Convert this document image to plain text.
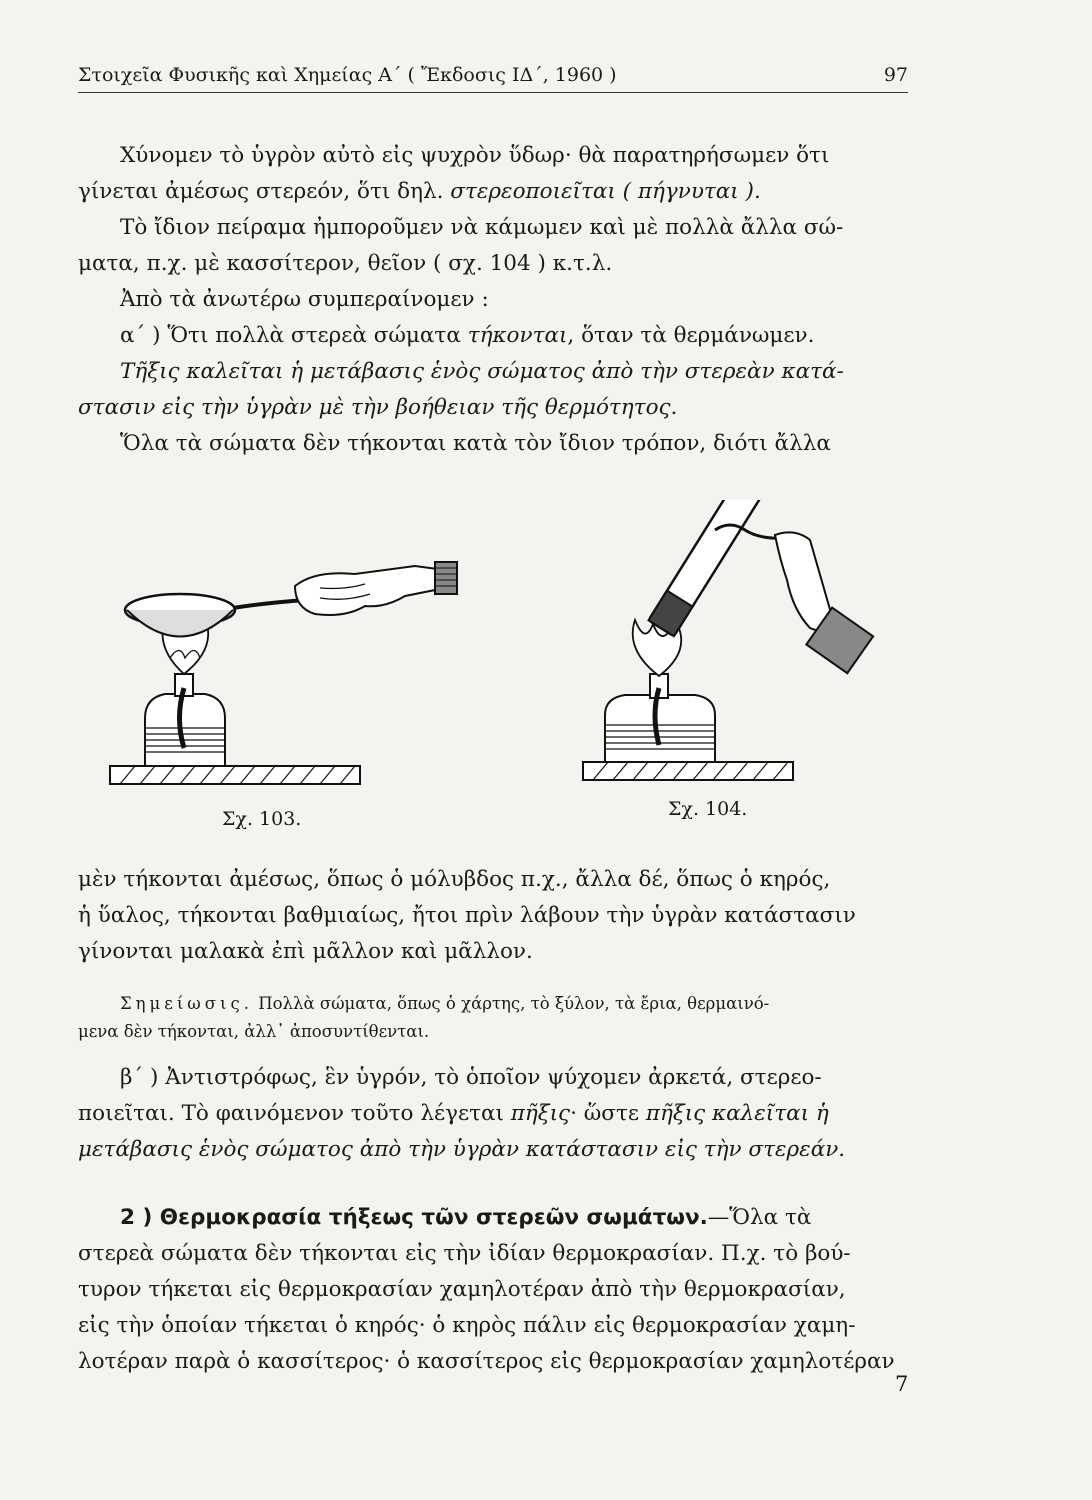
Στοιχεῖα Φυσικῆς καὶ Χημείας Α΄ ( Ἔκδοσις ΙΔ΄, 1960 )	97
Χύνομεν τὸ ὑγρὸν αὐτὸ εἰς ψυχρὸν ὕδωρ· θὰ παρατηρήσωμεν ὅτι
γίνεται ἀμέσως στερεόν, ὅτι δηλ. στερεοποιεῖται ( πήγνυται ).
Τὸ ἴδιον πείραμα ἠμποροῦμεν νὰ κάμωμεν καὶ μὲ πολλὰ ἄλλα σώ-
ματα, π.χ. μὲ κασσίτερον, θεῖον ( σχ. 104 ) κ.τ.λ.
Ἀπὸ τὰ ἀνωτέρω συμπεραίνομεν :
α΄ ) Ὅτι πολλὰ στερεὰ σώματα τήκονται, ὅταν τὰ θερμάνωμεν.
Τῆξις καλεῖται ἡ μετάβασις ἑνὸς σώματος ἀπὸ τὴν στερεὰν κατά-
στασιν εἰς τὴν ὑγρὰν μὲ τὴν βοήθειαν τῆς θερμότητος.
Ὅλα τὰ σώματα δὲν τήκονται κατὰ τὸν ἴδιον τρόπον, διότι ἄλλα
Σχ. 103.	Σχ. 104.
μὲν τήκονται ἀμέσως, ὅπως ὁ μόλυβδος π.χ., ἄλλα δέ, ὅπως ὁ κηρός,
ἡ ὕαλος, τήκονται βαθμιαίως, ἤτοι πρὶν λάβουν τὴν ὑγρὰν κατάστασιν
γίνονται μαλακὰ ἐπὶ μᾶλλον καὶ μᾶλλον.
Σημείωσις. Πολλὰ σώματα, ὅπως ὁ χάρτης, τὸ ξύλον, τὰ ἔρια, θερμαινό-
μενα δὲν τήκονται, ἀλλ᾽ ἀποσυντίθενται.
β΄ ) Ἀντιστρόφως, ἓν ὑγρόν, τὸ ὁποῖον ψύχομεν ἀρκετά, στερεο-
ποιεῖται. Τὸ φαινόμενον τοῦτο λέγεται πῆξις· ὥστε πῆξις καλεῖται ἡ
μετάβασις ἑνὸς σώματος ἀπὸ τὴν ὑγρὰν κατάστασιν εἰς τὴν στερεάν.
2 ) Θερμοκρασία τήξεως τῶν στερεῶν σωμάτων.—Ὅλα τὰ
στερεὰ σώματα δὲν τήκονται εἰς τὴν ἰδίαν θερμοκρασίαν. Π.χ. τὸ βού-
τυρον τήκεται εἰς θερμοκρασίαν χαμηλοτέραν ἀπὸ τὴν θερμοκρασίαν,
εἰς τὴν ὁποίαν τήκεται ὁ κηρός· ὁ κηρὸς πάλιν εἰς θερμοκρασίαν χαμη-
λοτέραν παρὰ ὁ κασσίτερος· ὁ κασσίτερος εἰς θερμοκρασίαν χαμηλοτέραν
7
